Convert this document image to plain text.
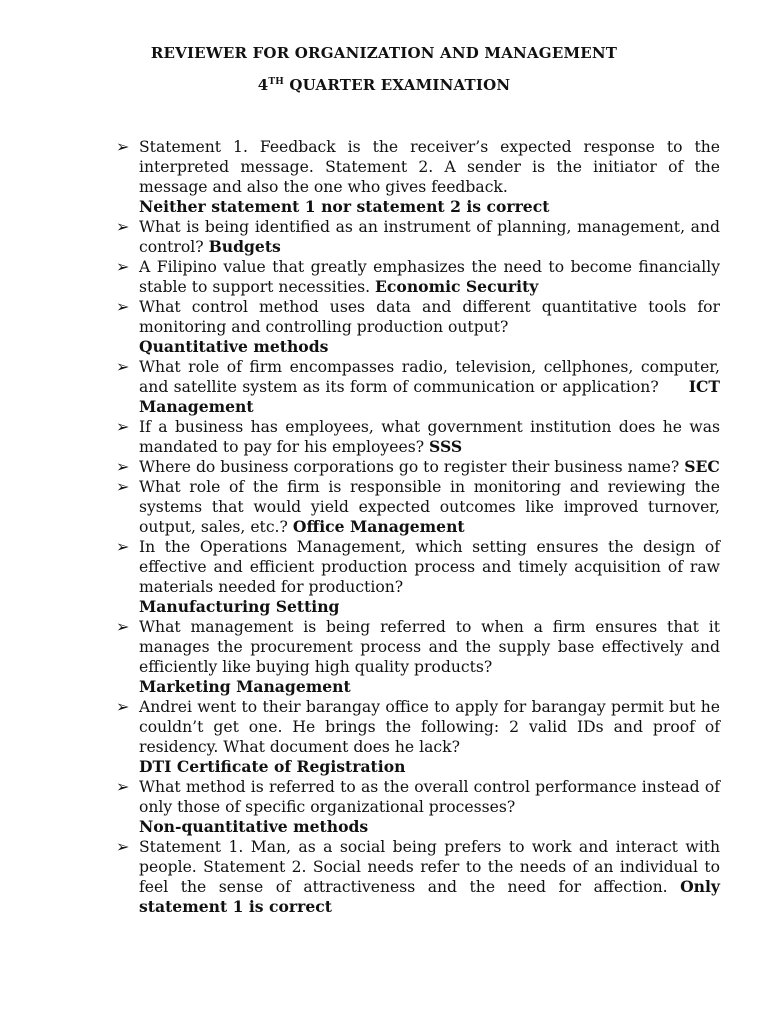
REVIEWER FOR ORGANIZATION AND MANAGEMENT
4TH QUARTER EXAMINATION
➢ Statement 1. Feedback is the receiver’s expected response to the interpreted message. Statement 2. A sender is the initiator of the message and also the one who gives feedback.
Neither statement 1 nor statement 2 is correct
➢ What is being identified as an instrument of planning, management, and control? Budgets
➢ A Filipino value that greatly emphasizes the need to become financially stable to support necessities. Economic Security
➢ What control method uses data and different quantitative tools for monitoring and controlling production output?
Quantitative methods
➢ What role of firm encompasses radio, television, cellphones, computer, and satellite system as its form of communication or application? ICT Management
➢ If a business has employees, what government institution does he was mandated to pay for his employees? SSS
➢ Where do business corporations go to register their business name? SEC
➢ What role of the firm is responsible in monitoring and reviewing the systems that would yield expected outcomes like improved turnover, output, sales, etc.? Office Management
➢ In the Operations Management, which setting ensures the design of effective and efficient production process and timely acquisition of raw materials needed for production?
Manufacturing Setting
➢ What management is being referred to when a firm ensures that it manages the procurement process and the supply base effectively and efficiently like buying high quality products?
Marketing Management
➢ Andrei went to their barangay office to apply for barangay permit but he couldn’t get one. He brings the following: 2 valid IDs and proof of residency. What document does he lack?
DTI Certificate of Registration
➢ What method is referred to as the overall control performance instead of only those of specific organizational processes?
Non-quantitative methods
➢ Statement 1. Man, as a social being prefers to work and interact with people. Statement 2. Social needs refer to the needs of an individual to feel the sense of attractiveness and the need for affection. Only statement 1 is correct
